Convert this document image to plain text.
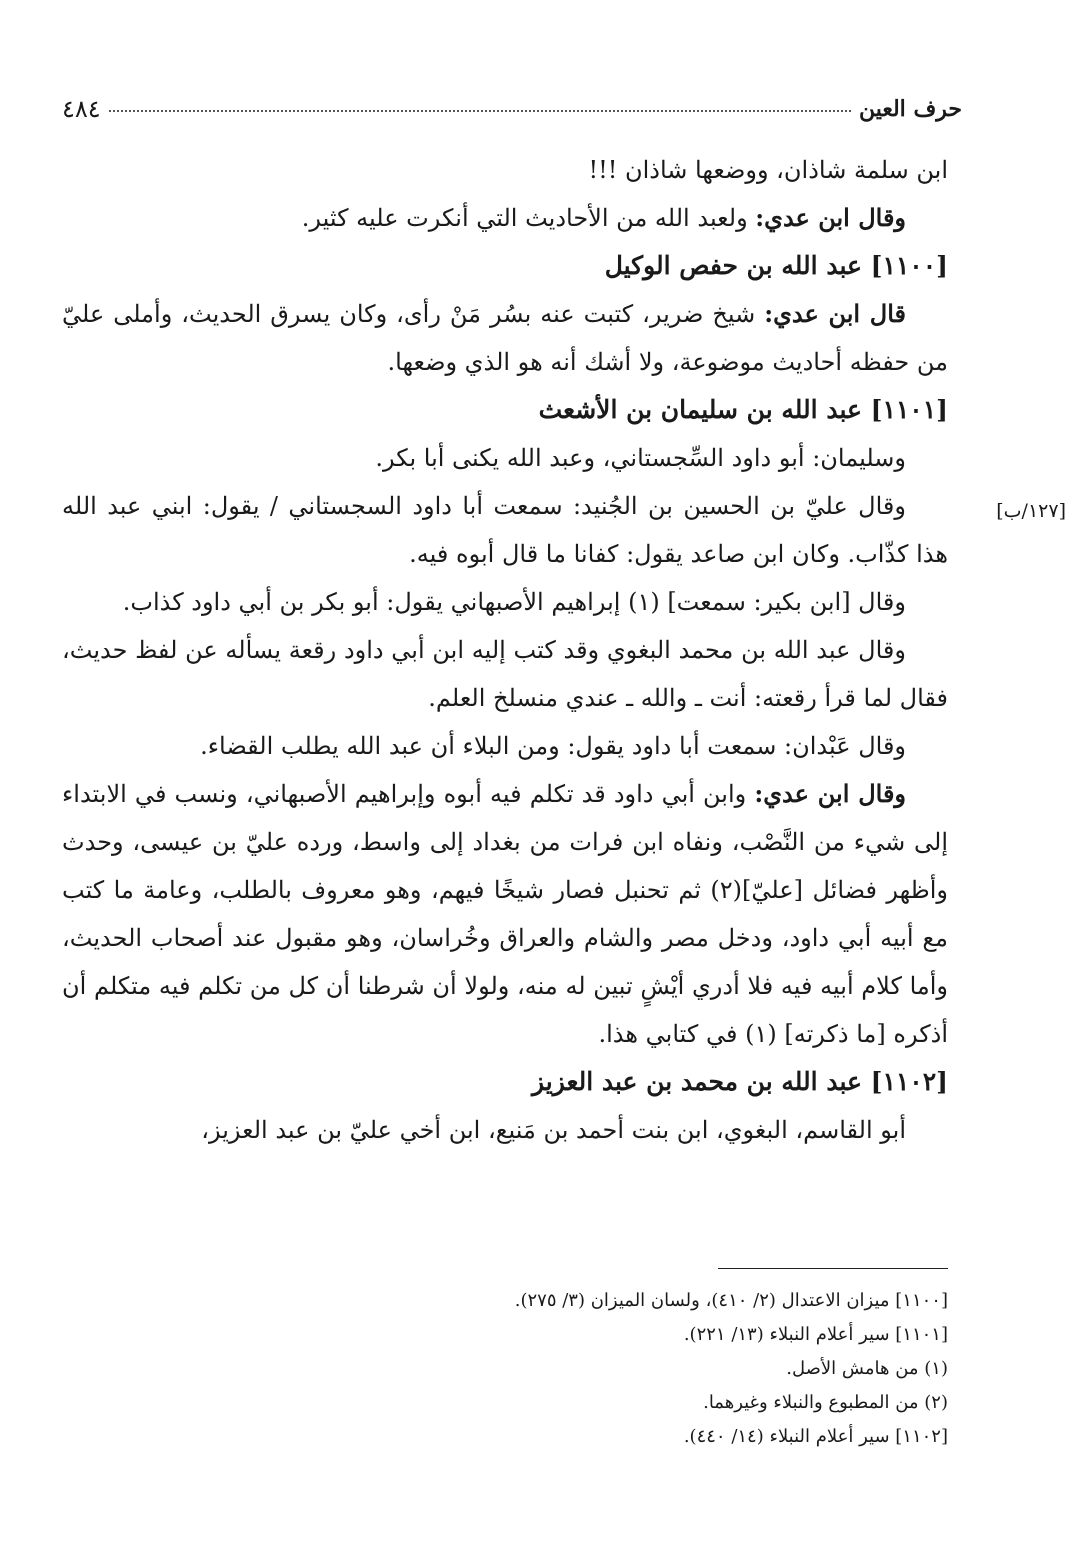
حرف العين
٤٨٤
[١٢٧/ب]

ابن سلمة شاذان، ووضعها شاذان !!!

وقال ابن عدي: ولعبد الله من الأحاديث التي أنكرت عليه كثير.

[١١٠٠] عبد الله بن حفص الوكيل

قال ابن عدي: شيخ ضرير، كتبت عنه بسُر مَنْ رأى، وكان يسرق الحديث، وأملى عليّ من حفظه أحاديث موضوعة، ولا أشك أنه هو الذي وضعها.

[١١٠١] عبد الله بن سليمان بن الأشعث

وسليمان: أبو داود السِّجستاني، وعبد الله يكنى أبا بكر.

وقال عليّ بن الحسين بن الجُنيد: سمعت أبا داود السجستاني / يقول: ابني عبد الله هذا كذّاب. وكان ابن صاعد يقول: كفانا ما قال أبوه فيه.

وقال [ابن بكير: سمعت] (١) إبراهيم الأصبهاني يقول: أبو بكر بن أبي داود كذاب.

وقال عبد الله بن محمد البغوي وقد كتب إليه ابن أبي داود رقعة يسأله عن لفظ حديث، فقال لما قرأ رقعته: أنت ـ والله ـ عندي منسلخ العلم.

وقال عَبْدان: سمعت أبا داود يقول: ومن البلاء أن عبد الله يطلب القضاء.

وقال ابن عدي: وابن أبي داود قد تكلم فيه أبوه وإبراهيم الأصبهاني، ونسب في الابتداء إلى شيء من النَّصْب، ونفاه ابن فرات من بغداد إلى واسط، ورده عليّ بن عيسى، وحدث وأظهر فضائل [عليّ](٢) ثم تحنبل فصار شيخًا فيهم، وهو معروف بالطلب، وعامة ما كتب مع أبيه أبي داود، ودخل مصر والشام والعراق وخُراسان، وهو مقبول عند أصحاب الحديث، وأما كلام أبيه فيه فلا أدري أيْشٍ تبين له منه، ولولا أن شرطنا أن كل من تكلم فيه متكلم أن أذكره [ما ذكرته] (١) في كتابي هذا.

[١١٠٢] عبد الله بن محمد بن عبد العزيز

أبو القاسم، البغوي، ابن بنت أحمد بن مَنيع، ابن أخي عليّ بن عبد العزيز،

[١١٠٠] ميزان الاعتدال (٢/ ٤١٠)، ولسان الميزان (٣/ ٢٧٥).
[١١٠١] سير أعلام النبلاء (١٣/ ٢٢١).
(١) من هامش الأصل.
(٢) من المطبوع والنبلاء وغيرهما.
[١١٠٢] سير أعلام النبلاء (١٤/ ٤٤٠).
